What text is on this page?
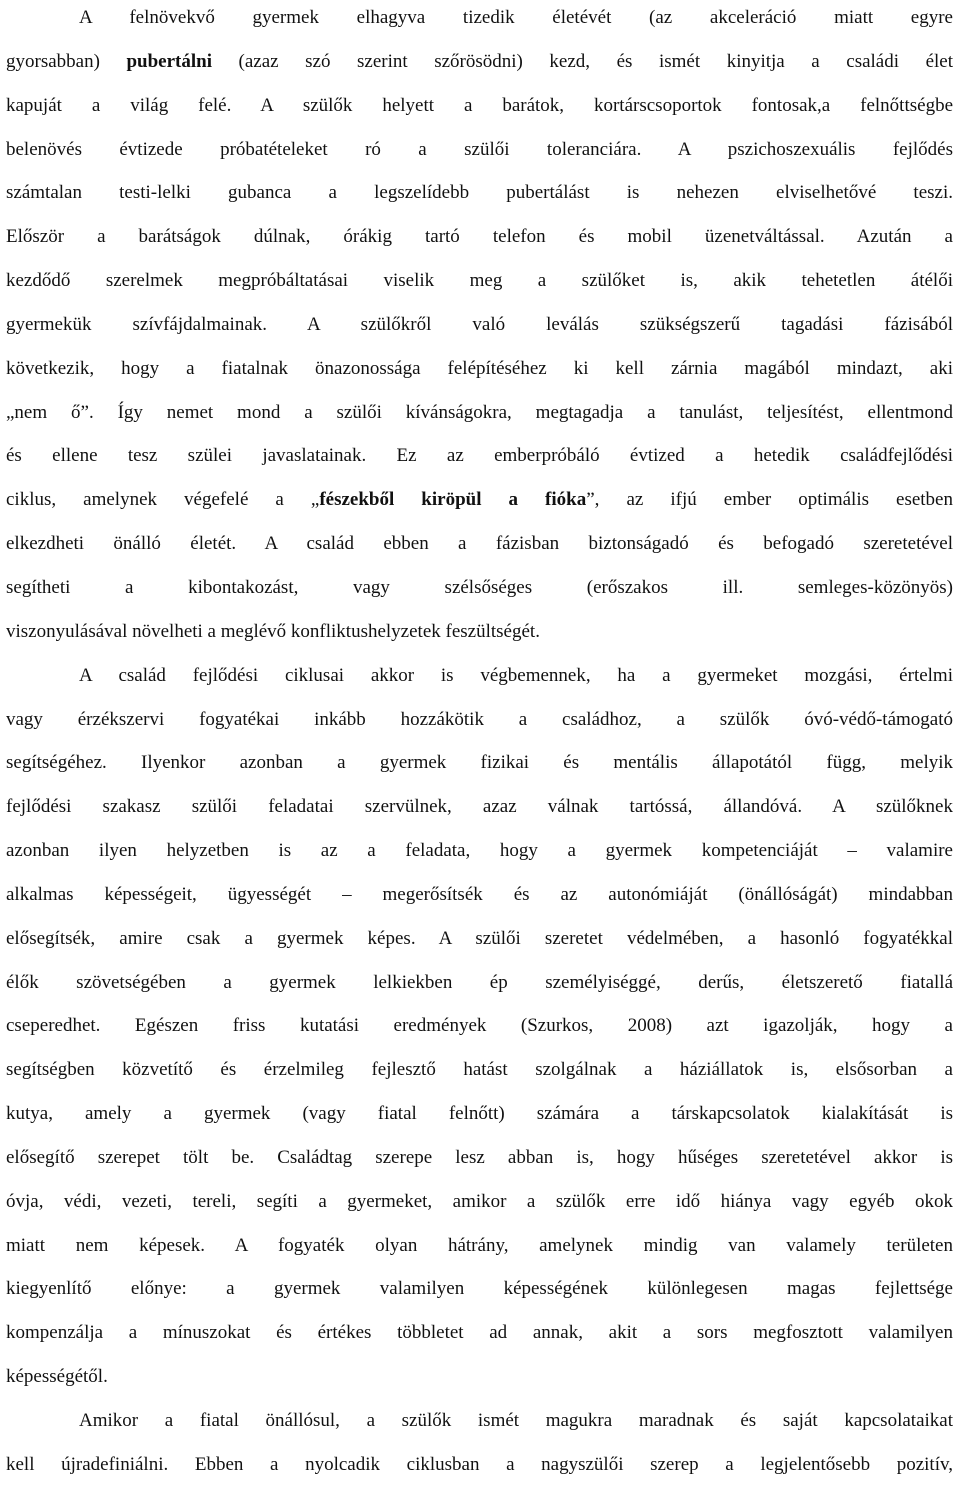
A felnövekvő gyermek elhagyva tizedik életévét (az akceleráció miatt egyre
gyorsabban) pubertálni (azaz szó szerint szőrösödni) kezd, és ismét kinyitja a családi élet
kapuját a világ felé. A szülők helyett a barátok, kortárscsoportok fontosak,a felnőttségbe
belenövés évtizede próbatételeket ró a szülői toleranciára. A pszichoszexuális fejlődés
számtalan testi-lelki gubanca a legszelídebb pubertálást is nehezen elviselhetővé teszi.
Először a barátságok dúlnak, órákig tartó telefon és mobil üzenetváltással. Azután a
kezdődő szerelmek megpróbáltatásai viselik meg a szülőket is, akik tehetetlen átélői
gyermekük szívfájdalmainak. A szülőkről való leválás szükségszerű tagadási fázisából
következik, hogy a fiatalnak önazonossága felépítéséhez ki kell zárnia magából mindazt, aki
„nem ő”. Így nemet mond a szülői kívánságokra, megtagadja a tanulást, teljesítést, ellentmond
és ellene tesz szülei javaslatainak. Ez az emberpróbáló évtized a hetedik családfejlődési
ciklus, amelynek végefelé a „fészekből kiröpül a fióka”, az ifjú ember optimális esetben
elkezdheti önálló életét. A család ebben a fázisban biztonságadó és befogadó szeretetével
segítheti a kibontakozást, vagy szélsőséges (erőszakos ill. semleges-közönyös)
viszonyulásával növelheti a meglévő konfliktushelyzetek feszültségét.
A család fejlődési ciklusai akkor is végbemennek, ha a gyermeket mozgási, értelmi
vagy érzékszervi fogyatékai inkább hozzákötik a családhoz, a szülők óvó-védő-támogató
segítségéhez. Ilyenkor azonban a gyermek fizikai és mentális állapotától függ, melyik
fejlődési szakasz szülői feladatai szervülnek, azaz válnak tartóssá, állandóvá. A szülőknek
azonban ilyen helyzetben is az a feladata, hogy a gyermek kompetenciáját – valamire
alkalmas képességeit, ügyességét – megerősítsék és az autonómiáját (önállóságát) mindabban
elősegítsék, amire csak a gyermek képes. A szülői szeretet védelmében, a hasonló fogyatékkal
élők szövetségében a gyermek lelkiekben ép személyiséggé, derűs, életszerető fiatallá
cseperedhet. Egészen friss kutatási eredmények (Szurkos, 2008) azt igazolják, hogy a
segítségben közvetítő és érzelmileg fejlesztő hatást szolgálnak a háziállatok is, elsősorban a
kutya, amely a gyermek (vagy fiatal felnőtt) számára a társkapcsolatok kialakítását is
elősegítő szerepet tölt be. Családtag szerepe lesz abban is, hogy hűséges szeretetével akkor is
óvja, védi, vezeti, tereli, segíti a gyermeket, amikor a szülők erre idő hiánya vagy egyéb okok
miatt nem képesek. A fogyaték olyan hátrány, amelynek mindig van valamely területen
kiegyenlítő előnye: a gyermek valamilyen képességének különlegesen magas fejlettsége
kompenzálja a mínuszokat és értékes többletet ad annak, akit a sors megfosztott valamilyen
képességétől.
Amikor a fiatal önállósul, a szülők ismét magukra maradnak és saját kapcsolataikat
kell újradefiniálni. Ebben a nyolcadik ciklusban a nagyszülői szerep a legjelentősebb pozitív,
